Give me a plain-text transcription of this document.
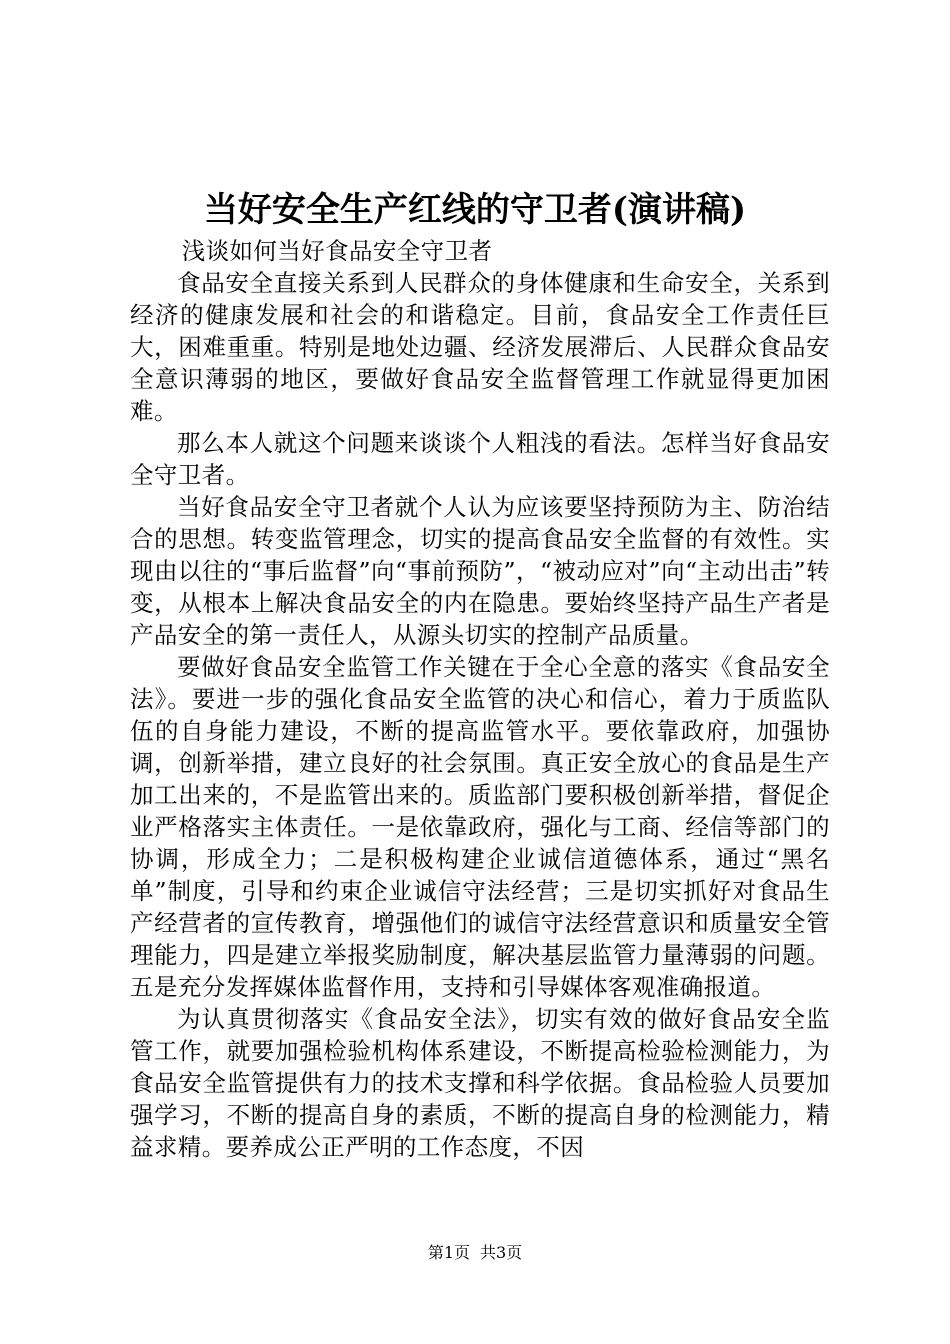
当好安全生产红线的守卫者(演讲稿)

浅谈如何当好食品安全守卫者

食品安全直接关系到人民群众的身体健康和生命安全，关系到经济的健康发展和社会的和谐稳定。目前，食品安全工作责任巨大，困难重重。特别是地处边疆、经济发展滞后、人民群众食品安全意识薄弱的地区，要做好食品安全监督管理工作就显得更加困难。

那么本人就这个问题来谈谈个人粗浅的看法。怎样当好食品安全守卫者。

当好食品安全守卫者就个人认为应该要坚持预防为主、防治结合的思想。转变监管理念，切实的提高食品安全监督的有效性。实现由以往的“事后监督”向“事前预防”，“被动应对”向“主动出击”转变，从根本上解决食品安全的内在隐患。要始终坚持产品生产者是产品安全的第一责任人，从源头切实的控制产品质量。

要做好食品安全监管工作关键在于全心全意的落实《食品安全法》。要进一步的强化食品安全监管的决心和信心，着力于质监队伍的自身能力建设，不断的提高监管水平。要依靠政府，加强协调，创新举措，建立良好的社会氛围。真正安全放心的食品是生产加工出来的，不是监管出来的。质监部门要积极创新举措，督促企业严格落实主体责任。一是依靠政府，强化与工商、经信等部门的协调，形成全力；二是积极构建企业诚信道德体系，通过“黑名单”制度，引导和约束企业诚信守法经营；三是切实抓好对食品生产经营者的宣传教育，增强他们的诚信守法经营意识和质量安全管理能力，四是建立举报奖励制度，解决基层监管力量薄弱的问题。五是充分发挥媒体监督作用，支持和引导媒体客观准确报道。

为认真贯彻落实《食品安全法》，切实有效的做好食品安全监管工作，就要加强检验机构体系建设，不断提高检验检测能力，为食品安全监管提供有力的技术支撑和科学依据。食品检验人员要加强学习，不断的提高自身的素质，不断的提高自身的检测能力，精益求精。要养成公正严明的工作态度，不因

第1页 共3页
